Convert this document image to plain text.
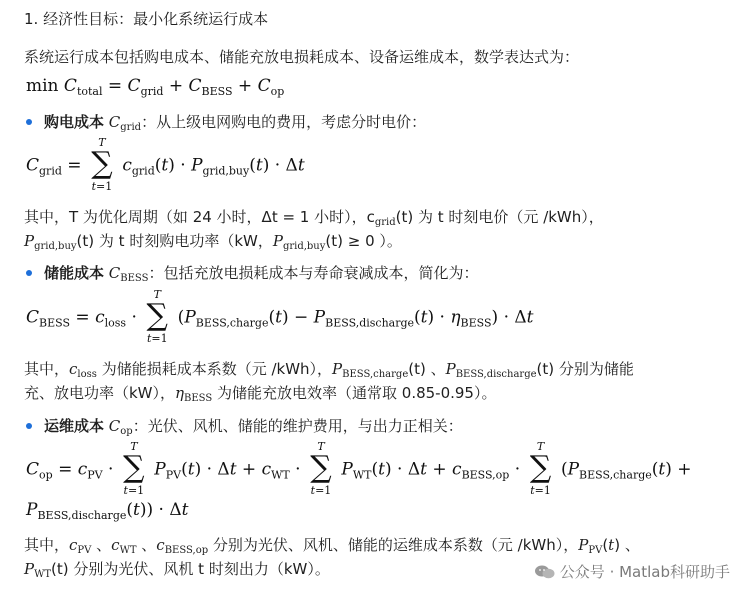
1. 经济性目标：最小化系统运行成本
系统运行成本包括购电成本、储能充放电损耗成本、设备运维成本，数学表达式为：
$\min C_{total} = C_{grid} + C_{BESS} + C_{op}$
购电成本 $C_{grid}$：从上级电网购电的费用，考虑分时电价：
$C_{grid}$ =
T
∑
t=1
$c_{grid}(t) \cdot P_{grid,buy}(t) \cdot \Delta t$
其中，T 为优化周期（如 24 小时，Δt = 1 小时），$c_{grid}(t)$ 为 t 时刻电价（元 /kWh），
$P_{grid,buy}(t)$ 为 t 时刻购电功率（kW，$P_{grid,buy}(t) \ge 0$ ）。
储能成本 $C_{BESS}$：包括充放电损耗成本与寿命衰减成本，简化为：
$C_{BESS} = c_{loss}$ ·
T
∑
t=1
$(P_{BESS,charge}(t) - P_{BESS,discharge}(t) \cdot \eta_{BESS}) \cdot \Delta t$
其中，$c_{loss}$ 为储能损耗成本系数（元 /kWh），$P_{BESS,charge}(t)$ 、$P_{BESS,discharge}(t)$ 分别为储能
充、放电功率（kW），$\eta_{BESS}$ 为储能充放电效率（通常取 0.85-0.95）。
运维成本 $C_{op}$：光伏、风机、储能的维护费用，与出力正相关：
$C_{op} = c_{PV}$ ·
T
∑
t=1
$P_{PV}(t) \cdot \Delta t + c_{WT}$ ·
T
∑
t=1
$P_{WT}(t) \cdot \Delta t + c_{BESS,op}$ ·
T
∑
t=1
($P_{BESS,charge}(t)$ +
$P_{BESS,discharge}(t)) \cdot \Delta t$
其中，$c_{PV}$ 、$c_{WT}$ 、$c_{BESS,op}$ 分别为光伏、风机、储能的运维成本系数（元 /kWh），$P_{PV}(t)$ 、
$P_{WT}(t)$ 分别为光伏、风机 t 时刻出力（kW）。	公众号 · Matlab科研助手
